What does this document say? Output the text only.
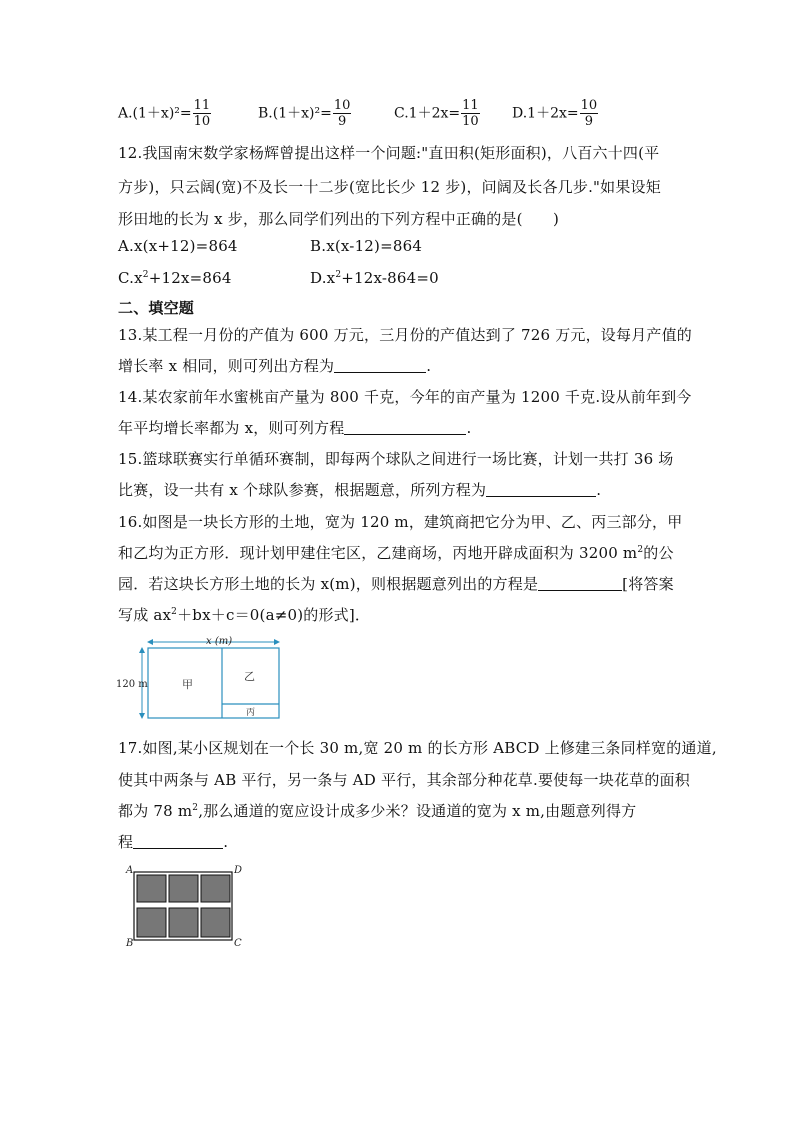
$A.(1+x)^2= \frac{11}{10}$	$B.(1+x)^2= \frac{10}{9}$	$C.1+2x= \frac{11}{10} D.1+2x= \frac{10}{9}$
12.我国南宋数学家杨辉曾提出这样一个问题:"直田积(矩形面积)，八百六十四(平
方步)，只云阔(宽)不及长一十二步(宽比长少 12 步)，问阔及长各几步."如果设矩
形田地的长为 x 步，那么同学们列出的下列方程中正确的是(　　)
A.x(x+12)=864	B.x(x-12)=864
$C.x^2+12x=864$	$D.x^2+12x-864=0$
二、填空题
13.某工程一月份的产值为 600 万元，三月份的产值达到了 726 万元，设每月产值的
增长率 x 相同，则可列出方程为	.
14.某农家前年水蜜桃亩产量为 800 千克，今年的亩产量为 1200 千克.设从前年到今
年平均增长率都为 x，则可列方程	.
15.篮球联赛实行单循环赛制，即每两个球队之间进行一场比赛，计划一共打 36 场
比赛，设一共有 x 个球队参赛，根据题意，所列方程为	.
16.如图是一块长方形的土地，宽为 120 m，建筑商把它分为甲、乙、丙三部分，甲
和乙均为正方形．现计划甲建住宅区，乙建商场，丙地开辟成面积为 3200 $m^2$的公
园．若这块长方形土地的长为 x(m)，则根据题意列出的方程是	[将答案
写成 $ax^2+bx+c=0(a\ne 0)$的形式]．
x (m)
120 m	甲
乙
丙
17.如图,某小区规划在一个长 30 m,宽 20 m 的长方形 ABCD 上修建三条同样宽的通道,
使其中两条与 AB 平行，另一条与 AD 平行，其余部分种花草.要使每一块花草的面积
都为 78 $m^2$,那么通道的宽应设计成多少米？设通道的宽为 x m,由题意列得方
程	.
A	D
B	C
